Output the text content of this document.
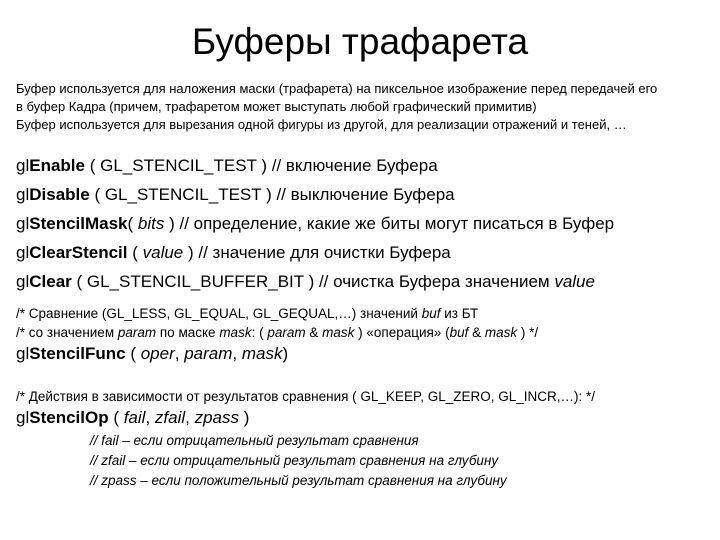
Буферы трафарета
Буфер используется для наложения маски (трафарета) на пиксельное изображение перед передачей его
в буфер Кадра (причем, трафаретом может выступать любой графический примитив)
Буфер используется для вырезания одной фигуры из другой, для реализации отражений и теней, …
glEnable ( GL_STENCIL_TEST ) // включение Буфера
glDisable ( GL_STENCIL_TEST ) // выключение Буфера
glStencilMask( bits ) // определение, какие же биты могут писаться в Буфер
glClearStencil ( value ) // значение для очистки Буфера
glClear ( GL_STENCIL_BUFFER_BIT ) // очистка Буфера значением value
/* Сравнение (GL_LESS, GL_EQUAL, GL_GEQUAL,…) значений buf из БТ
/* со значением param по маске mask: ( param & mask ) «операция» (buf & mask ) */
glStencilFunc ( oper, param, mask)
/* Действия в зависимости от результатов сравнения ( GL_KEEP, GL_ZERO, GL_INCR,…): */
glStencilOp ( fail, zfail, zpass )
// fail – если отрицательный результат сравнения
// zfail – если отрицательный результат сравнения на глубину
// zpass – если положительный результат сравнения на глубину
